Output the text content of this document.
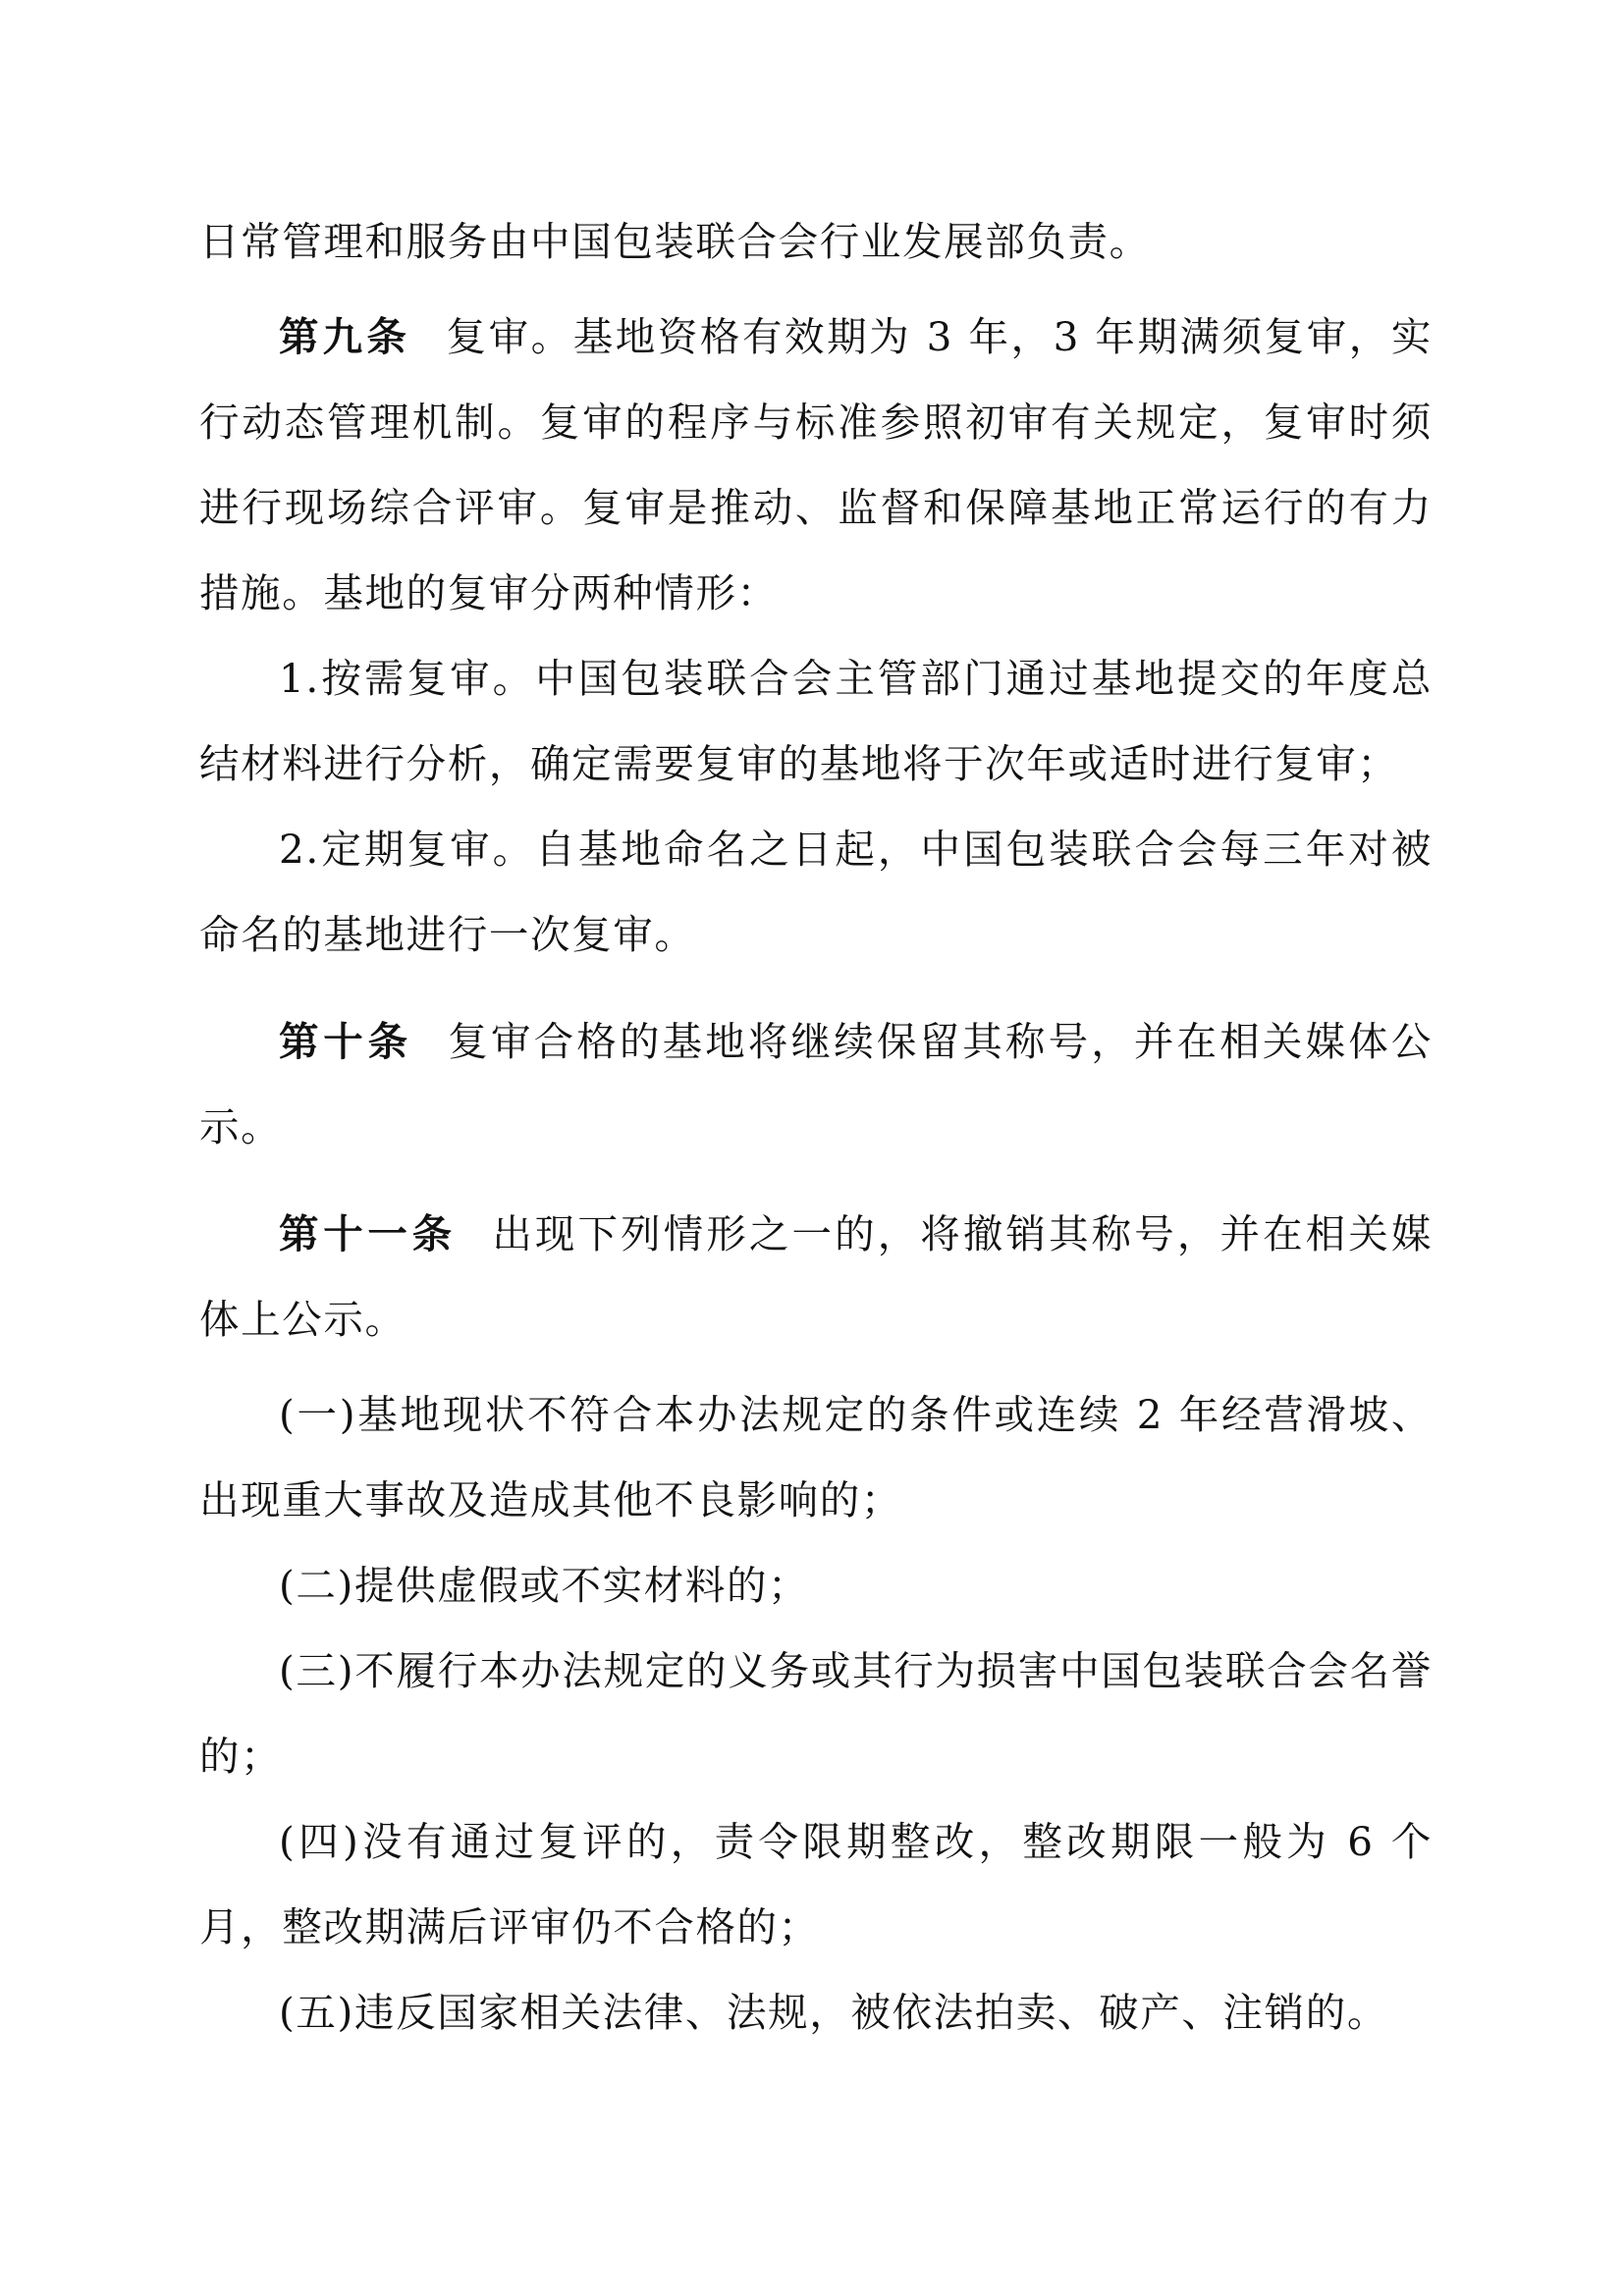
日常管理和服务由中国包装联合会行业发展部负责。

第九条 复审。基地资格有效期为 3 年，3 年期满须复审，实行动态管理机制。复审的程序与标准参照初审有关规定，复审时须进行现场综合评审。复审是推动、监督和保障基地正常运行的有力措施。基地的复审分两种情形：

1.按需复审。中国包装联合会主管部门通过基地提交的年度总结材料进行分析，确定需要复审的基地将于次年或适时进行复审；

2.定期复审。自基地命名之日起，中国包装联合会每三年对被命名的基地进行一次复审。

第十条 复审合格的基地将继续保留其称号，并在相关媒体公示。

第十一条 出现下列情形之一的，将撤销其称号，并在相关媒体上公示。

(一)基地现状不符合本办法规定的条件或连续 2 年经营滑坡、出现重大事故及造成其他不良影响的；

(二)提供虚假或不实材料的；

(三)不履行本办法规定的义务或其行为损害中国包装联合会名誉的；

(四)没有通过复评的，责令限期整改，整改期限一般为 6 个月，整改期满后评审仍不合格的；

(五)违反国家相关法律、法规，被依法拍卖、破产、注销的。
